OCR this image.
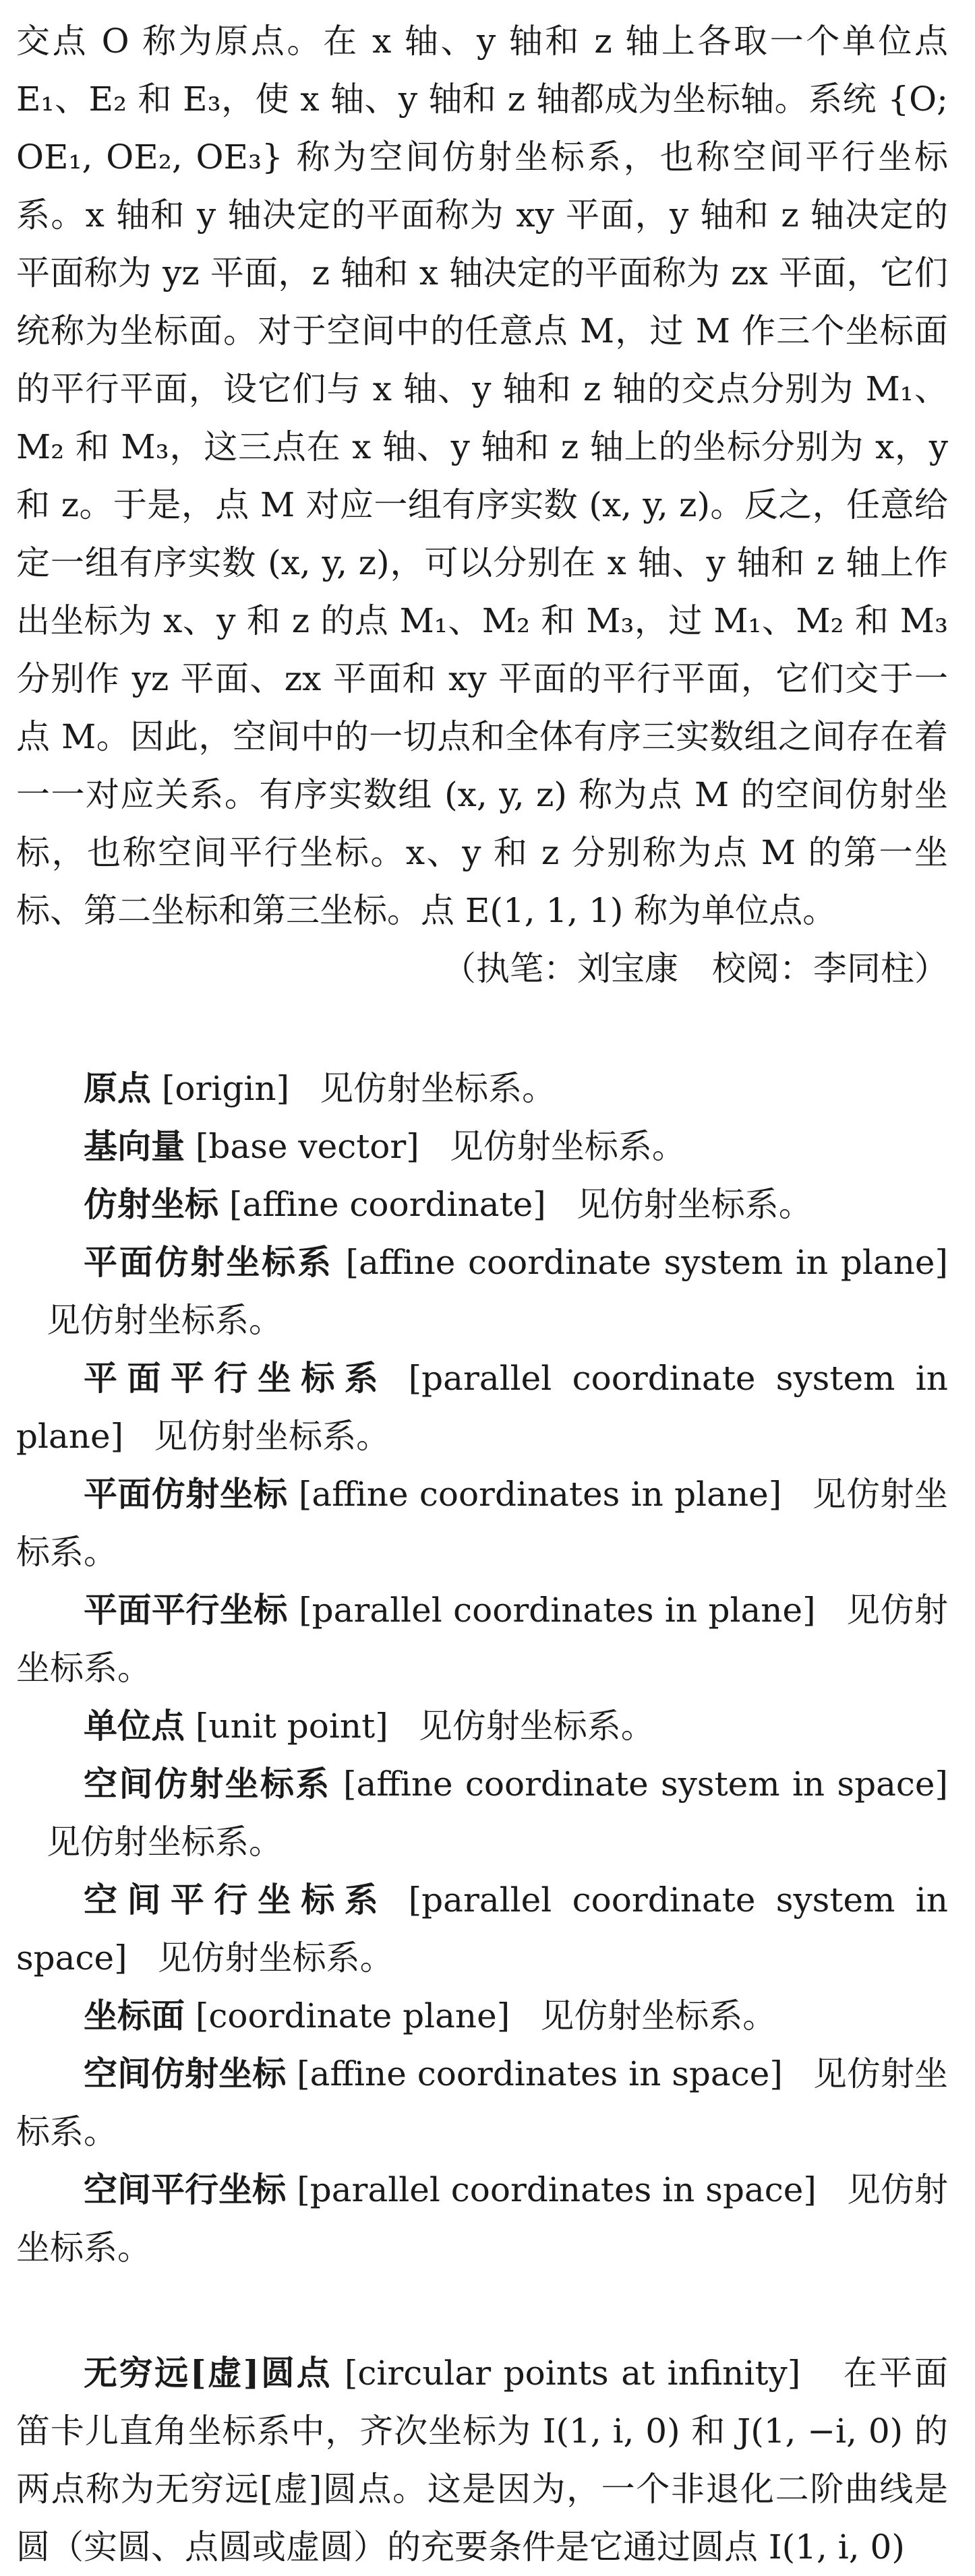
交点 O 称为原点。在 x 轴、y 轴和 z 轴上各取一个单位点 E₁、E₂ 和 E₃，使 x 轴、y 轴和 z 轴都成为坐标轴。系统 {O; OE₁, OE₂, OE₃} 称为空间仿射坐标系，也称空间平行坐标系。x 轴和 y 轴决定的平面称为 xy 平面，y 轴和 z 轴决定的平面称为 yz 平面，z 轴和 x 轴决定的平面称为 zx 平面，它们统称为坐标面。对于空间中的任意点 M，过 M 作三个坐标面的平行平面，设它们与 x 轴、y 轴和 z 轴的交点分别为 M₁、M₂ 和 M₃，这三点在 x 轴、y 轴和 z 轴上的坐标分别为 x，y 和 z。于是，点 M 对应一组有序实数 (x, y, z)。反之，任意给定一组有序实数 (x, y, z)，可以分别在 x 轴、y 轴和 z 轴上作出坐标为 x、y 和 z 的点 M₁、M₂ 和 M₃，过 M₁、M₂ 和 M₃ 分别作 yz 平面、zx 平面和 xy 平面的平行平面，它们交于一点 M。因此，空间中的一切点和全体有序三实数组之间存在着一一对应关系。有序实数组 (x, y, z) 称为点 M 的空间仿射坐标，也称空间平行坐标。x、y 和 z 分别称为点 M 的第一坐标、第二坐标和第三坐标。点 E(1, 1, 1) 称为单位点。

（执笔：刘宝康　校阅：李同柱）

原点 [origin] 见仿射坐标系。

基向量 [base vector] 见仿射坐标系。

仿射坐标 [affine coordinate] 见仿射坐标系。

平面仿射坐标系 [affine coordinate system in plane]见仿射坐标系。

平面平行坐标系 [parallel coordinate system in plane] 见仿射坐标系。

平面仿射坐标 [affine coordinates in plane] 见仿射坐标系。

平面平行坐标 [parallel coordinates in plane] 见仿射坐标系。

单位点 [unit point] 见仿射坐标系。

空间仿射坐标系 [affine coordinate system in space]见仿射坐标系。

空间平行坐标系 [parallel coordinate system in space] 见仿射坐标系。

坐标面 [coordinate plane] 见仿射坐标系。

空间仿射坐标 [affine coordinates in space] 见仿射坐标系。

空间平行坐标 [parallel coordinates in space] 见仿射坐标系。

无穷远[虚]圆点 [circular points at infinity] 在平面笛卡儿直角坐标系中，齐次坐标为 I(1, i, 0) 和 J(1, −i, 0) 的两点称为无穷远[虚]圆点。这是因为，一个非退化二阶曲线是圆（实圆、点圆或虚圆）的充要条件是它通过圆点 I(1, i, 0)
